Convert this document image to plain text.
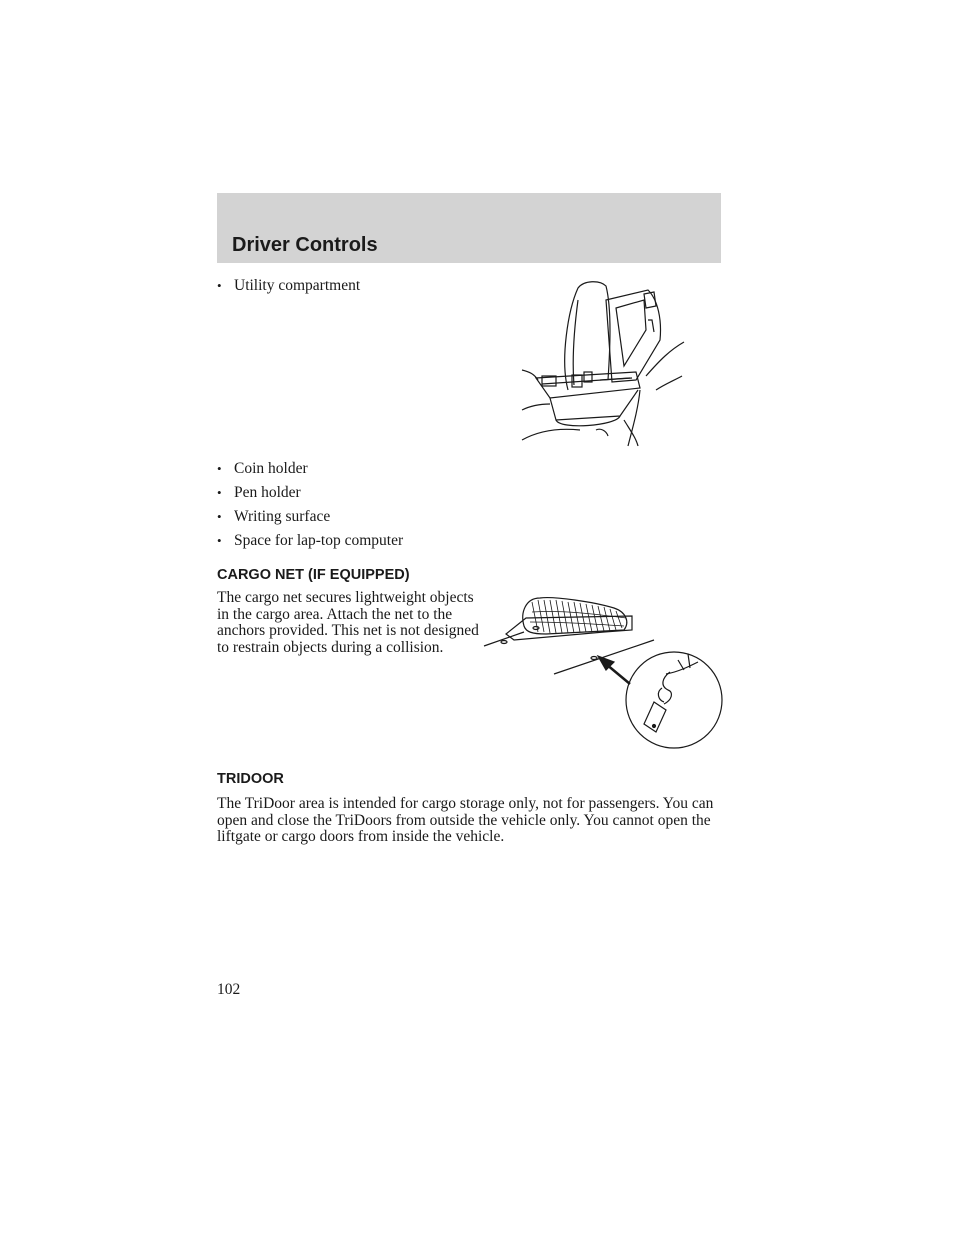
Driver Controls
• Utility compartment
• Coin holder
• Pen holder
• Writing surface
• Space for lap-top computer
CARGO NET (IF EQUIPPED)

The cargo net secures lightweight objects in the cargo area. Attach the net to the anchors provided. This net is not designed to restrain objects during a collision.

TRIDOOR

The TriDoor area is intended for cargo storage only, not for passengers. You can open and close the TriDoors from outside the vehicle only. You cannot open the liftgate or cargo doors from inside the vehicle.

102
